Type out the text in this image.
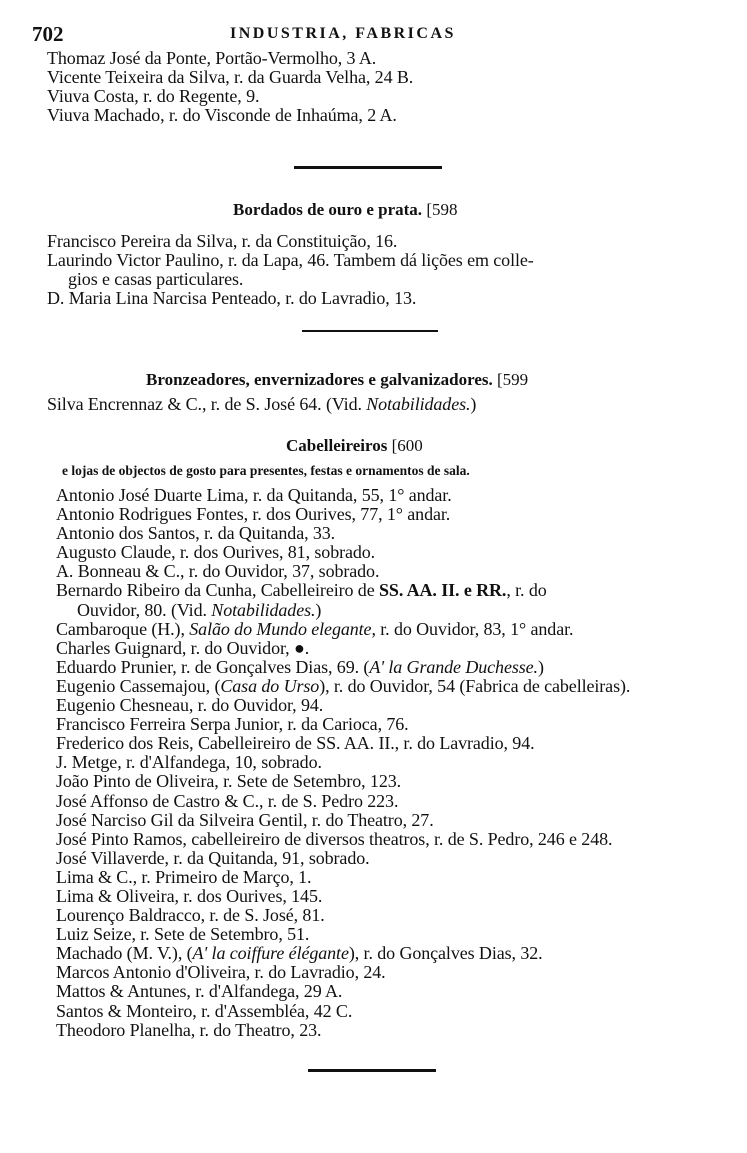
702	INDUSTRIA, FABRICAS
Thomaz José da Ponte, Portão-Vermolho, 3 A.
Vicente Teixeira da Silva, r. da Guarda Velha, 24 B.
Viuva Costa, r. do Regente, 9.
Viuva Machado, r. do Visconde de Inhaúma, 2 A.
Bordados de ouro e prata. [598
Francisco Pereira da Silva, r. da Constituição, 16.
Laurindo Victor Paulino, r. da Lapa, 46. Tambem dá lições em colle-
gios e casas particulares.
D. Maria Lina Narcisa Penteado, r. do Lavradio, 13.
Bronzeadores, envernizadores e galvanizadores. [599
Silva Encrennaz & C., r. de S. José 64. (Vid. Notabilidades.)
Cabelleireiros [600
e lojas de objectos de gosto para presentes, festas e ornamentos de sala.
Antonio José Duarte Lima, r. da Quitanda, 55, 1° andar.
Antonio Rodrigues Fontes, r. dos Ourives, 77, 1° andar.
Antonio dos Santos, r. da Quitanda, 33.
Augusto Claude, r. dos Ourives, 81, sobrado.
A. Bonneau & C., r. do Ouvidor, 37, sobrado.
Bernardo Ribeiro da Cunha, Cabelleireiro de SS. AA. II. e RR., r. do
Ouvidor, 80. (Vid. Notabilidades.)
Cambaroque (H.), Salão do Mundo elegante, r. do Ouvidor, 83, 1° andar.
Charles Guignard, r. do Ouvidor, ●.
Eduardo Prunier, r. de Gonçalves Dias, 69. (A' la Grande Duchesse.)
Eugenio Cassemajou, (Casa do Urso), r. do Ouvidor, 54 (Fabrica de cabelleiras).
Eugenio Chesneau, r. do Ouvidor, 94.
Francisco Ferreira Serpa Junior, r. da Carioca, 76.
Frederico dos Reis, Cabelleireiro de SS. AA. II., r. do Lavradio, 94.
J. Metge, r. d'Alfandega, 10, sobrado.
João Pinto de Oliveira, r. Sete de Setembro, 123.
José Affonso de Castro & C., r. de S. Pedro 223.
José Narciso Gil da Silveira Gentil, r. do Theatro, 27.
José Pinto Ramos, cabelleireiro de diversos theatros, r. de S. Pedro, 246 e 248.
José Villaverde, r. da Quitanda, 91, sobrado.
Lima & C., r. Primeiro de Março, 1.
Lima & Oliveira, r. dos Ourives, 145.
Lourenço Baldracco, r. de S. José, 81.
Luiz Seize, r. Sete de Setembro, 51.
Machado (M. V.), (A' la coiffure élégante), r. do Gonçalves Dias, 32.
Marcos Antonio d'Oliveira, r. do Lavradio, 24.
Mattos & Antunes, r. d'Alfandega, 29 A.
Santos & Monteiro, r. d'Assembléa, 42 C.
Theodoro Planelha, r. do Theatro, 23.
